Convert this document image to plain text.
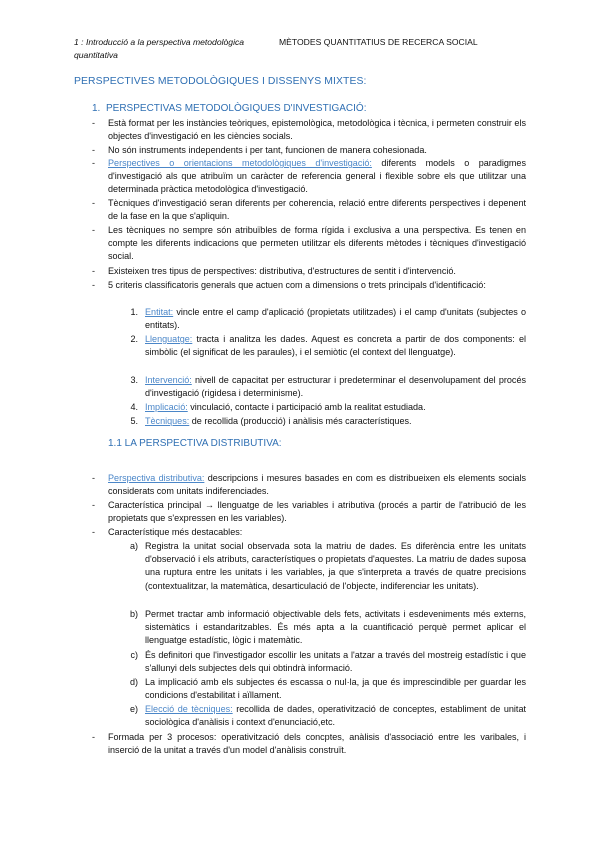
1 : Introducció a la perspectiva metodològica quantitativa
MÈTODES QUANTITATIUS DE RECERCA SOCIAL
PERSPECTIVES METODOLÒGIQUES I DISSENYS MIXTES:
1. PERSPECTIVAS METODOLÒGIQUES D'INVESTIGACIÓ:
- Està format per les instàncies teòriques, epistemològica, metodològica i tècnica, i permeten construir els objectes d'investigació en les ciències socials.
- No són instruments independents i per tant, funcionen de manera cohesionada.
- Perspectives o orientacions metodològiques d'investigació: diferents models o paradigmes d'investigació als que atribuïm un caràcter de referencia general i flexible sobre els que utilitzar una determinada pràctica metodològica d'investigació.
- Tècniques d'investigació seran diferents per coherencia, relació entre diferents perspectives i depenent de la fase en la que s'apliquin.
- Les tècniques no sempre són atribuïbles de forma rígida i exclusiva a una perspectiva. Es tenen en compte les diferents indicacions que permeten utilitzar els diferents mètodes i tècniques d'investigació social.
- Existeixen tres tipus de perspectives: distributiva, d'estructures de sentit i d'intervenció.
- 5 criteris classificatoris generals que actuen com a dimensions o trets principals d'identificació:
1. Entitat: vincle entre el camp d'aplicació (propietats utilitzades) i el camp d'unitats (subjectes o entitats).
2. Llenguatge: tracta i analitza les dades. Aquest es concreta a partir de dos components: el simbòlic (el significat de les paraules), i el semiòtic (el context del llenguatge).
3. Intervenció: nivell de capacitat per estructurar i predeterminar el desenvolupament del procés d'investigació (rigidesa i determinisme).
4. Implicació: vinculació, contacte i participació amb la realitat estudiada.
5. Tècniques: de recollida (producció) i anàlisis més característiques.
1.1 LA PERSPECTIVA DISTRIBUTIVA:
- Perspectiva distributiva: descripcions i mesures basades en com es distribueixen els elements socials considerats com unitats indiferenciades.
- Característica principal → llenguatge de les variables i atributiva (procés a partir de l'atribució de les propietats que s'expressen en les variables).
- Característique més destacables:
a) Registra la unitat social observada sota la matriu de dades. Es diferència entre les unitats d'observació i els atributs, característiques o propietats d'aquestes. La matriu de dades suposa una ruptura entre les unitats i les variables, ja que s'interpreta a través de quatre precisions (contextualitzar, la matemàtica, desarticulació de l'objecte, indiferenciar les unitats).
b) Permet tractar amb informació objectivable dels fets, activitats i esdeveniments més externs, sistemàtics i estandaritzables. És més apta a la cuantificació perquè permet aplicar el llenguatge estadístic, lògic i matemàtic.
c) És definitori que l'investigador escollir les unitats a l'atzar a través del mostreig estadístic i que s'allunyi dels subjectes dels qui obtindrà informació.
d) La implicació amb els subjectes és escassa o nul·la, ja que és imprescindible per guardar les condicions d'estabilitat i aïllament.
e) Elecció de tècniques: recollida de dades, operativització de conceptes, establiment de unitat sociològica d'anàlisis i context d'enunciació,etc.
- Formada per 3 procesos: operativització dels concptes, anàlisis d'associació entre les varibales, i inserció de la unitat a través d'un model d'anàlisis construït.
